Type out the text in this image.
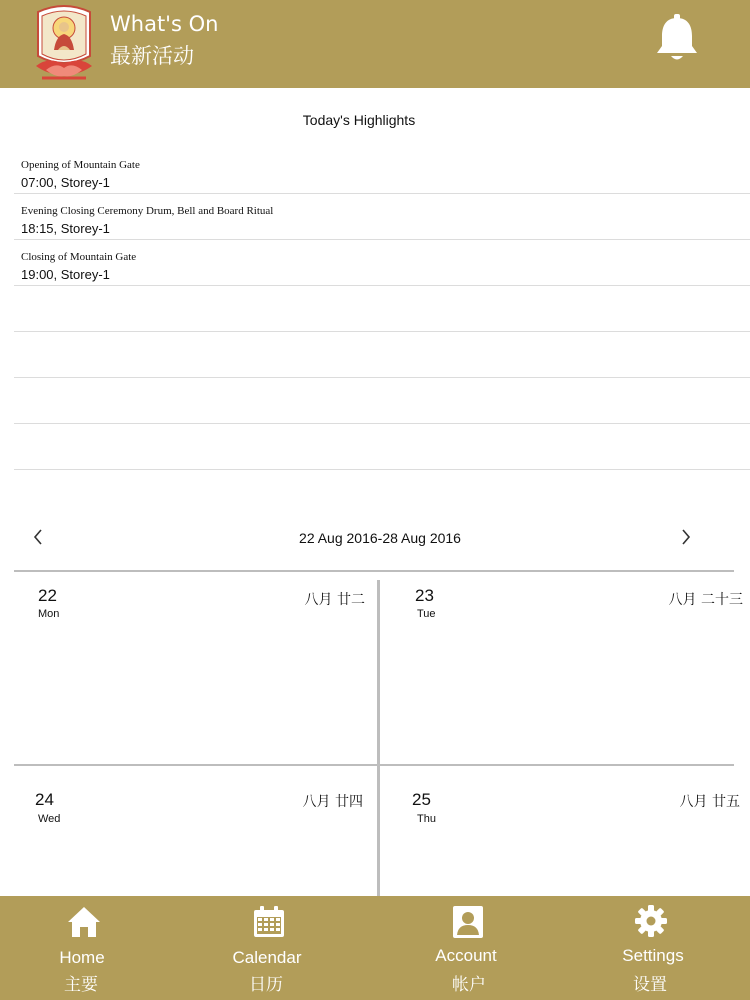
What's On
最新活动
Today's Highlights
Opening of Mountain Gate
07:00, Storey-1
Evening Closing Ceremony Drum, Bell and Board Ritual
18:15, Storey-1
Closing of Mountain Gate
19:00, Storey-1
22 Aug 2016-28 Aug 2016
22
Mon
八月 廿二	23
Tue
八月 二十三
24
Wed
八月 廿四	25
Thu
八月 廿五
Home
主要
Calendar
日历
Account
帐户
Settings
设置
